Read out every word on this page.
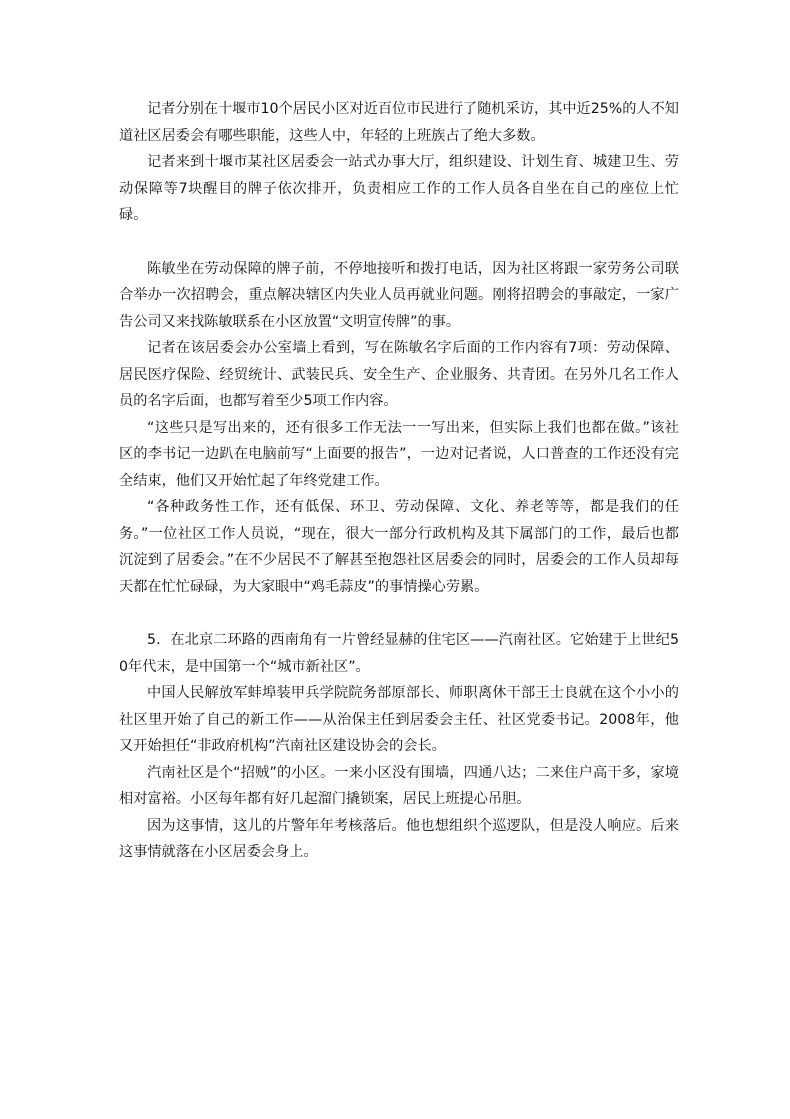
记者分别在十堰市10个居民小区对近百位市民进行了随机采访，其中近25%的人不知道社区居委会有哪些职能，这些人中，年轻的上班族占了绝大多数。

记者来到十堰市某社区居委会一站式办事大厅，组织建设、计划生育、城建卫生、劳动保障等7块醒目的牌子依次排开，负责相应工作的工作人员各自坐在自己的座位上忙碌。

陈敏坐在劳动保障的牌子前，不停地接听和拨打电话，因为社区将跟一家劳务公司联合举办一次招聘会，重点解决辖区内失业人员再就业问题。刚将招聘会的事敲定，一家广告公司又来找陈敏联系在小区放置“文明宣传牌”的事。

记者在该居委会办公室墙上看到，写在陈敏名字后面的工作内容有7项：劳动保障、居民医疗保险、经贸统计、武装民兵、安全生产、企业服务、共青团。在另外几名工作人员的名字后面，也都写着至少5项工作内容。

“这些只是写出来的，还有很多工作无法一一写出来，但实际上我们也都在做。”该社区的李书记一边趴在电脑前写“上面要的报告”，一边对记者说，人口普查的工作还没有完全结束，他们又开始忙起了年终党建工作。

“各种政务性工作，还有低保、环卫、劳动保障、文化、养老等等，都是我们的任务。”一位社区工作人员说，“现在，很大一部分行政机构及其下属部门的工作，最后也都沉淀到了居委会。”在不少居民不了解甚至抱怨社区居委会的同时，居委会的工作人员却每天都在忙忙碌碌，为大家眼中“鸡毛蒜皮”的事情操心劳累。

5．在北京二环路的西南角有一片曾经显赫的住宅区——汽南社区。它始建于上世纪50年代末，是中国第一个“城市新社区”。

中国人民解放军蚌埠装甲兵学院院务部原部长、师职离休干部王士良就在这个小小的社区里开始了自己的新工作——从治保主任到居委会主任、社区党委书记。2008年，他又开始担任“非政府机构”汽南社区建设协会的会长。

汽南社区是个“招贼”的小区。一来小区没有围墙，四通八达；二来住户高干多，家境相对富裕。小区每年都有好几起溜门撬锁案，居民上班提心吊胆。

因为这事情，这儿的片警年年考核落后。他也想组织个巡逻队，但是没人响应。后来这事情就落在小区居委会身上。
